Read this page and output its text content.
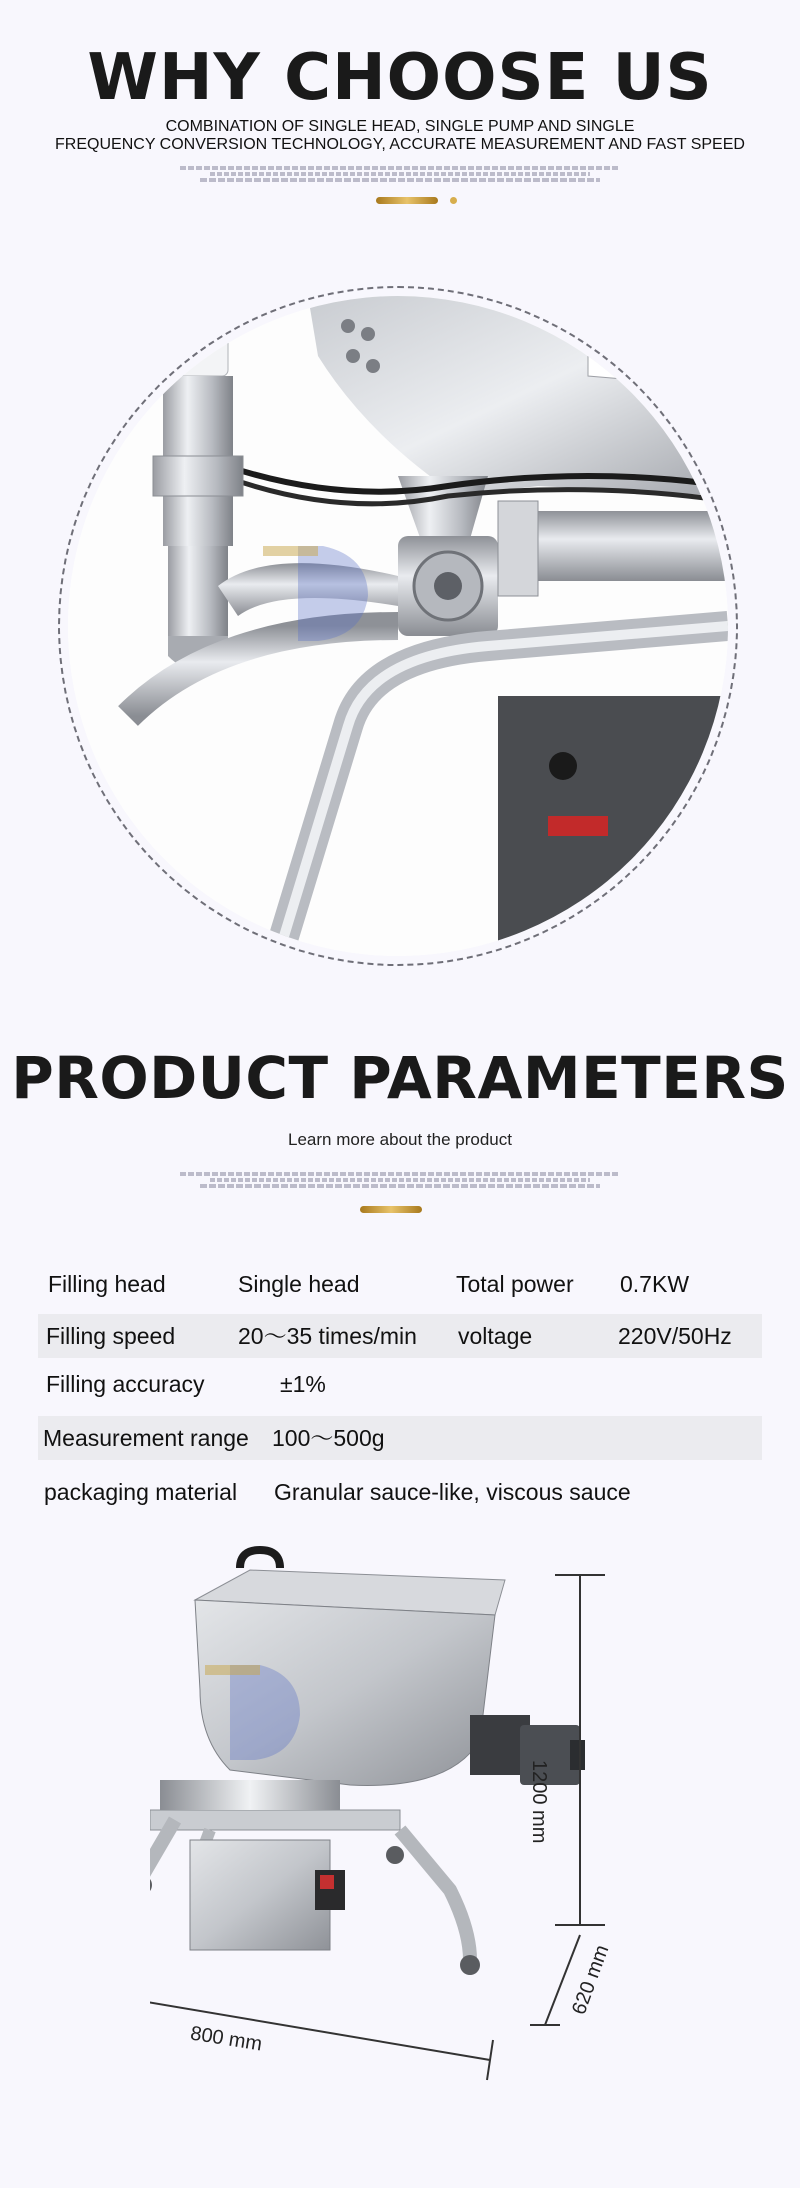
WHY CHOOSE US
COMBINATION OF SINGLE HEAD, SINGLE PUMP AND SINGLE
FREQUENCY CONVERSION TECHNOLOGY, ACCURATE MEASUREMENT AND FAST SPEED
PRODUCT PARAMETERS
Learn more about the product
Filling head	Single head	Total power 0.7KW
Filling speed	20～35 times/min voltage	220V/50Hz
Filling accuracy	±1%
Measurement range 100～500g
packaging material Granular sauce-like, viscous sauce
1200 mm
800 mm
620 mm
